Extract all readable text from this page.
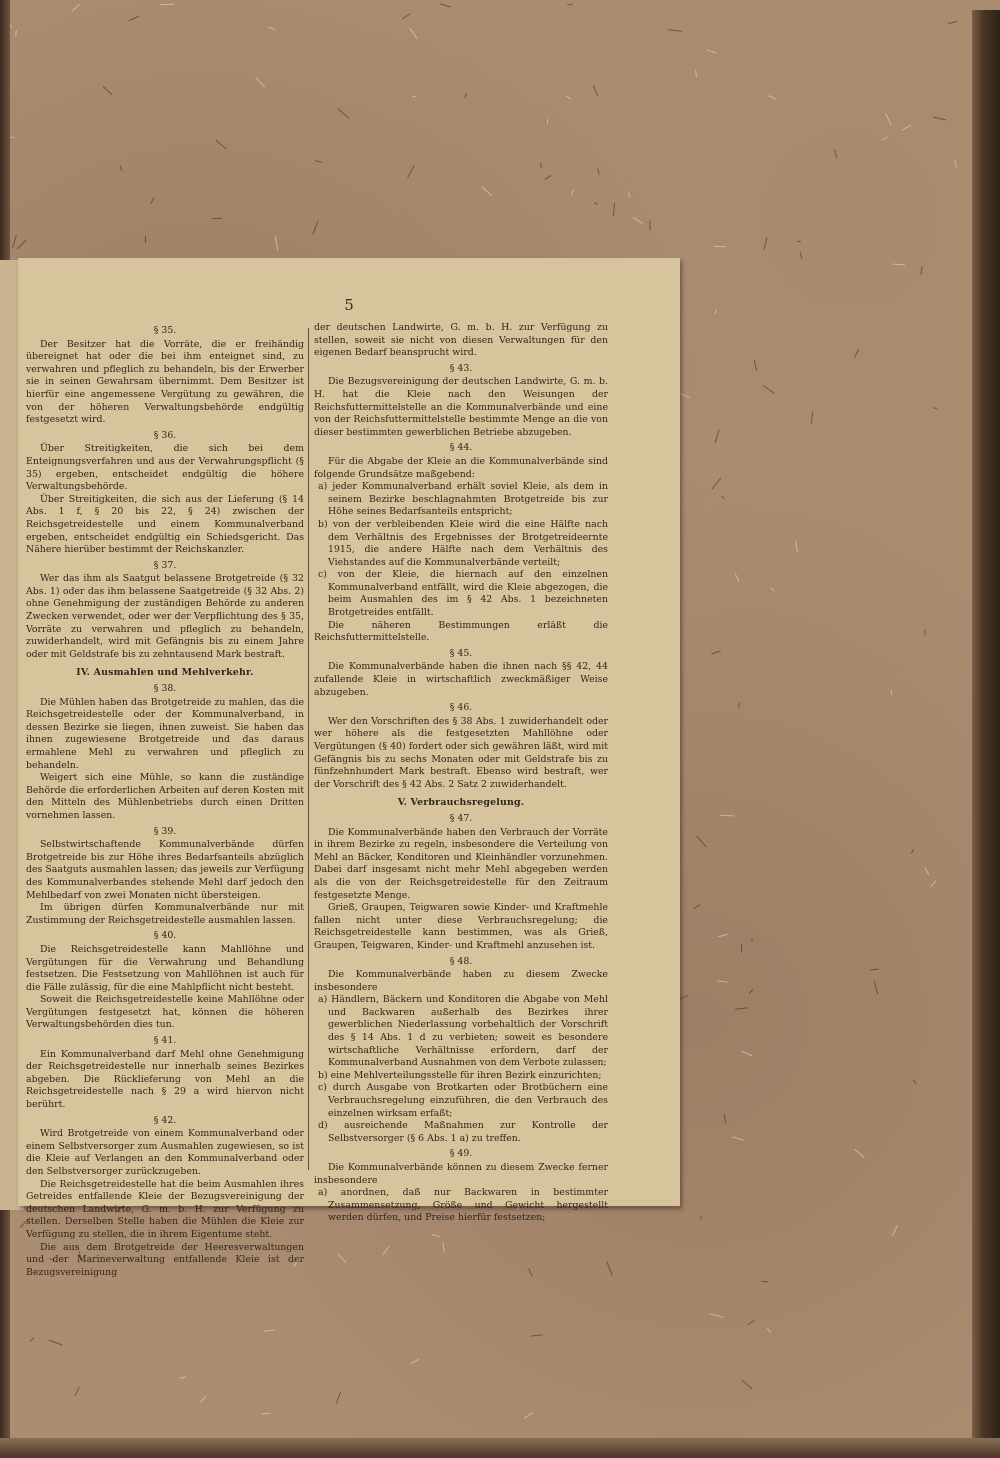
5
§ 35.

Der Besitzer hat die Vorräte, die er freihändig übereignet hat oder die bei ihm enteignet sind, zu verwahren und pfleglich zu behandeln, bis der Erwerber sie in seinen Gewahrsam übernimmt. Dem Besitzer ist hierfür eine angemessene Vergütung zu gewähren, die von der höheren Verwaltungsbehörde endgültig festgesetzt wird.

§ 36.

Über Streitigkeiten, die sich bei dem Enteignungsverfahren und aus der Verwahrungspflicht (§ 35) ergeben, entscheidet endgültig die höhere Verwaltungsbehörde.

Über Streitigkeiten, die sich aus der Lieferung (§ 14 Abs. 1 f, § 20 bis 22, § 24) zwischen der Reichsgetreidestelle und einem Kommunalverband ergeben, entscheidet endgültig ein Schiedsgericht. Das Nähere hierüber bestimmt der Reichskanzler.

§ 37.

Wer das ihm als Saatgut belassene Brotgetreide (§ 32 Abs. 1) oder das ihm belassene Saatgetreide (§ 32 Abs. 2) ohne Genehmigung der zuständigen Behörde zu anderen Zwecken verwendet, oder wer der Verpflichtung des § 35, Vorräte zu verwahren und pfleglich zu behandeln, zuwiderhandelt, wird mit Gefängnis bis zu einem Jahre oder mit Geldstrafe bis zu zehntausend Mark bestraft.

IV. Ausmahlen und Mehlverkehr.
§ 38.

Die Mühlen haben das Brotgetreide zu mahlen, das die Reichsgetreidestelle oder der Kommunalverband, in dessen Bezirke sie liegen, ihnen zuweist. Sie haben das ihnen zugewiesene Brotgetreide und das daraus ermahlene Mehl zu verwahren und pfleglich zu behandeln.

Weigert sich eine Mühle, so kann die zuständige Behörde die erforderlichen Arbeiten auf deren Kosten mit den Mitteln des Mühlenbetriebs durch einen Dritten vornehmen lassen.

§ 39.

Selbstwirtschaftende Kommunalverbände dürfen Brotgetreide bis zur Höhe ihres Bedarfsanteils abzüglich des Saatguts ausmahlen lassen; das jeweils zur Verfügung des Kommunalverbandes stehende Mehl darf jedoch den Mehlbedarf von zwei Monaten nicht übersteigen.

Im übrigen dürfen Kommunalverbände nur mit Zustimmung der Reichsgetreidestelle ausmahlen lassen.

§ 40.

Die Reichsgetreidestelle kann Mahllöhne und Vergütungen für die Verwahrung und Behandlung festsetzen. Die Festsetzung von Mahllöhnen ist auch für die Fälle zulässig, für die eine Mahlpflicht nicht besteht.

Soweit die Reichsgetreidestelle keine Mahllöhne oder Vergütungen festgesetzt hat, können die höheren Verwaltungsbehörden dies tun.

§ 41.

Ein Kommunalverband darf Mehl ohne Genehmigung der Reichsgetreidestelle nur innerhalb seines Bezirkes abgeben. Die Rücklieferung von Mehl an die Reichsgetreidestelle nach § 29 a wird hiervon nicht berührt.

§ 42.

Wird Brotgetreide von einem Kommunalverband oder einem Selbstversorger zum Ausmahlen zugewiesen, so ist die Kleie auf Verlangen an den Kommunalverband oder den Selbstversorger zurückzugeben.

Die Reichsgetreidestelle hat die beim Ausmahlen ihres Getreides entfallende Kleie der Bezugsvereinigung der deutschen Landwirte, G. m. b. H. zur Verfügung zu stellen. Derselben Stelle haben die Mühlen die Kleie zur Verfügung zu stellen, die in ihrem Eigentume steht.

Die aus dem Brotgetreide der Heeresverwaltungen und der Marineverwaltung entfallende Kleie ist der Bezugsvereinigung

der deutschen Landwirte, G. m. b. H. zur Verfügung zu stellen, soweit sie nicht von diesen Verwaltungen für den eigenen Bedarf beansprucht wird.

§ 43.

Die Bezugsvereinigung der deutschen Landwirte, G. m. b. H. hat die Kleie nach den Weisungen der Reichsfuttermittelstelle an die Kommunalverbände und eine von der Reichsfuttermittelstelle bestimmte Menge an die von dieser bestimmten gewerblichen Betriebe abzugeben.

§ 44.

Für die Abgabe der Kleie an die Kommunalverbände sind folgende Grundsätze maßgebend:

a) jeder Kommunalverband erhält soviel Kleie, als dem in seinem Bezirke beschlagnahmten Brotgetreide bis zur Höhe seines Bedarfsanteils entspricht;

b) von der verbleibenden Kleie wird die eine Hälfte nach dem Verhältnis des Ergebnisses der Brotgetreideernte 1915, die andere Hälfte nach dem Verhältnis des Viehstandes auf die Kommunalverbände verteilt;

c) von der Kleie, die hiernach auf den einzelnen Kommunalverband entfällt, wird die Kleie abgezogen, die beim Ausmahlen des im § 42 Abs. 1 bezeichneten Brotgetreides entfällt.

Die näheren Bestimmungen erläßt die Reichsfuttermittelstelle.

§ 45.

Die Kommunalverbände haben die ihnen nach §§ 42, 44 zufallende Kleie in wirtschaftlich zweckmäßiger Weise abzugeben.

§ 46.

Wer den Vorschriften des § 38 Abs. 1 zuwiderhandelt oder wer höhere als die festgesetzten Mahllöhne oder Vergütungen (§ 40) fordert oder sich gewähren läßt, wird mit Gefängnis bis zu sechs Monaten oder mit Geldstrafe bis zu fünfzehnhundert Mark bestraft. Ebenso wird bestraft, wer der Vorschrift des § 42 Abs. 2 Satz 2 zuwiderhandelt.

V. Verbrauchsregelung.
§ 47.

Die Kommunalverbände haben den Verbrauch der Vorräte in ihrem Bezirke zu regeln, insbesondere die Verteilung von Mehl an Bäcker, Konditoren und Kleinhändler vorzunehmen. Dabei darf insgesamt nicht mehr Mehl abgegeben werden als die von der Reichsgetreidestelle für den Zeitraum festgesetzte Menge.

Grieß, Graupen, Teigwaren sowie Kinder- und Kraftmehle fallen nicht unter diese Verbrauchsregelung; die Reichsgetreidestelle kann bestimmen, was als Grieß, Graupen, Teigwaren, Kinder- und Kraftmehl anzusehen ist.

§ 48.

Die Kommunalverbände haben zu diesem Zwecke insbesondere

a) Händlern, Bäckern und Konditoren die Abgabe von Mehl und Backwaren außerhalb des Bezirkes ihrer gewerblichen Niederlassung vorbehaltlich der Vorschrift des § 14 Abs. 1 d zu verbieten; soweit es besondere wirtschaftliche Verhältnisse erfordern, darf der Kommunalverband Ausnahmen von dem Verbote zulassen;

b) eine Mehlverteilungsstelle für ihren Bezirk einzurichten;

c) durch Ausgabe von Brotkarten oder Brotbüchern eine Verbrauchsregelung einzuführen, die den Verbrauch des einzelnen wirksam erfaßt;

d) ausreichende Maßnahmen zur Kontrolle der Selbstversorger (§ 6 Abs. 1 a) zu treffen.

§ 49.

Die Kommunalverbände können zu diesem Zwecke ferner insbesondere

a) anordnen, daß nur Backwaren in bestimmter Zusammensetzung, Größe und Gewicht hergestellt werden dürfen, und Preise hierfür festsetzen;
